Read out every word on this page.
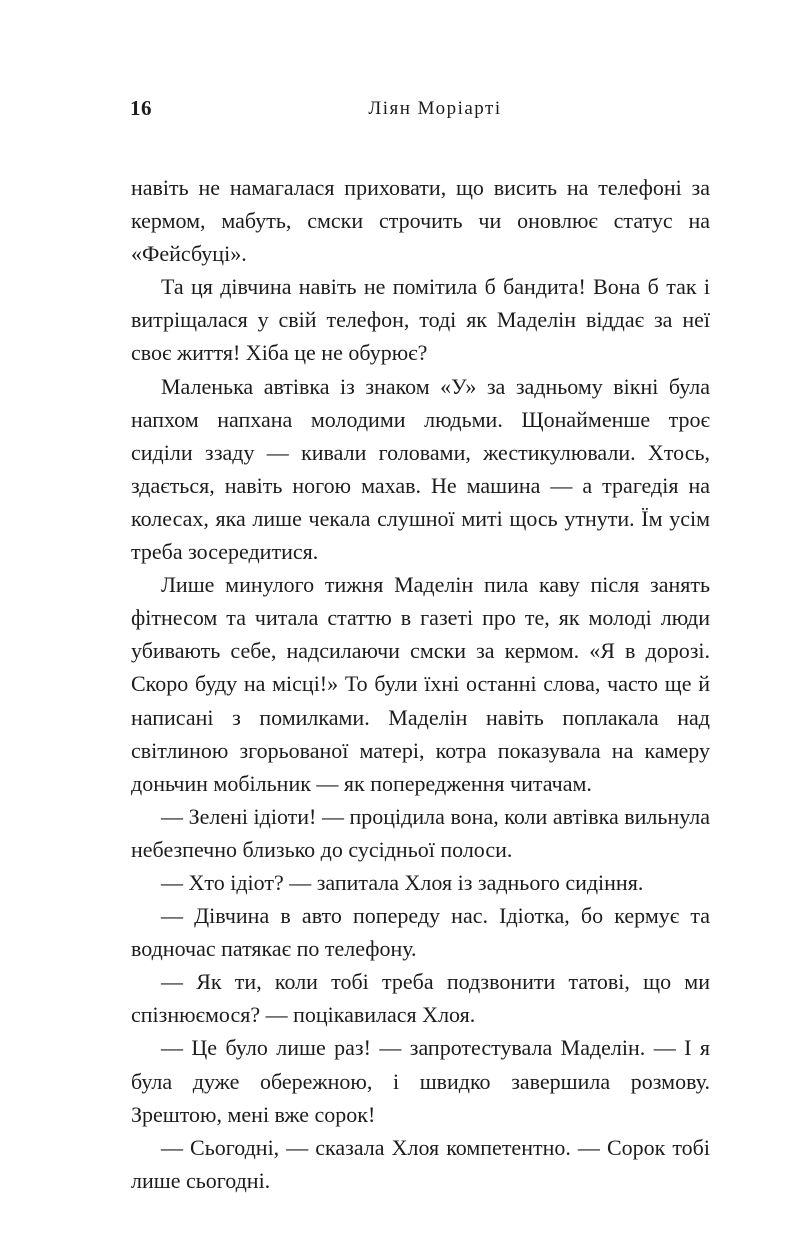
16	Ліян Моріарті

навіть не намагалася приховати, що висить на телефоні за кермом, мабуть, смски строчить чи оновлює статус на «Фейсбуці».

Та ця дівчина навіть не помітила б бандита! Вона б так і витріщалася у свій телефон, тоді як Маделін віддає за неї своє життя! Хіба це не обурює?

Маленька автівка із знаком «У» за задньому вікні була напхом напхана молодими людьми. Щонайменше троє сиділи ззаду — кивали головами, жестикулювали. Хтось, здається, навіть ногою махав. Не машина — а трагедія на колесах, яка лише чекала слушної миті щось утнути. Їм усім треба зосередитися.

Лише минулого тижня Маделін пила каву після занять фітнесом та читала статтю в газеті про те, як молоді люди убивають себе, надсилаючи смски за кермом. «Я в дорозі. Скоро буду на місці!» То були їхні останні слова, часто ще й написані з помилками. Маделін навіть поплакала над світлиною згорьованої матері, котра показувала на камеру доньчин мобільник — як попередження читачам.

— Зелені ідіоти! — процідила вона, коли автівка вильнула небезпечно близько до сусідньої полоси.

— Хто ідіот? — запитала Хлоя із заднього сидіння.

— Дівчина в авто попереду нас. Ідіотка, бо кермує та водночас патякає по телефону.

— Як ти, коли тобі треба подзвонити татові, що ми спізнюємося? — поцікавилася Хлоя.

— Це було лише раз! — запротестувала Маделін. — І я була дуже обережною, і швидко завершила розмову. Зрештою, мені вже сорок!

— Сьогодні, — сказала Хлоя компетентно. — Сорок тобі лише сьогодні.
